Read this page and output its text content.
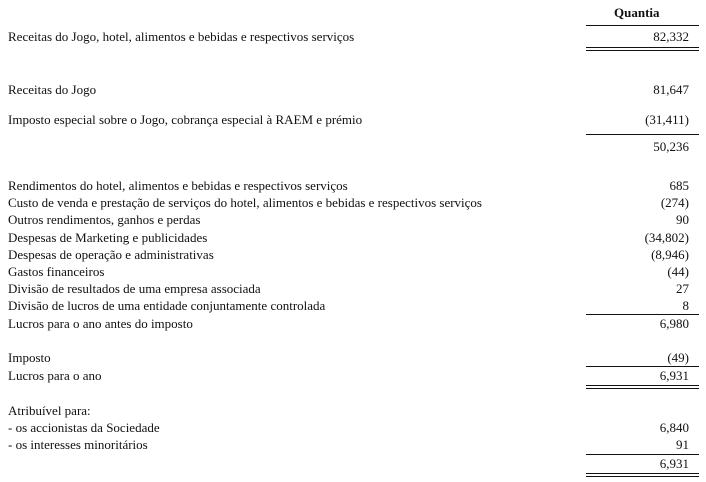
Quantia
Receitas do Jogo, hotel, alimentos e bebidas e respectivos serviços	82,332
Receitas do Jogo	81,647
Imposto especial sobre o Jogo, cobrança especial à RAEM e prémio	(31,411)
50,236
Rendimentos do hotel, alimentos e bebidas e respectivos serviços	685
Custo de venda e prestação de serviços do hotel, alimentos e bebidas e respectivos serviços	(274)
Outros rendimentos, ganhos e perdas	90
Despesas de Marketing e publicidades	(34,802)
Despesas de operação e administrativas	(8,946)
Gastos financeiros	(44)
Divisão de resultados de uma empresa associada	27
Divisão de lucros de uma entidade conjuntamente controlada	8
Lucros para o ano antes do imposto	6,980
Imposto	(49)
Lucros para o ano	6,931
Atribuível para:
- os accionistas da Sociedade	6,840
- os interesses minoritários	91
6,931
